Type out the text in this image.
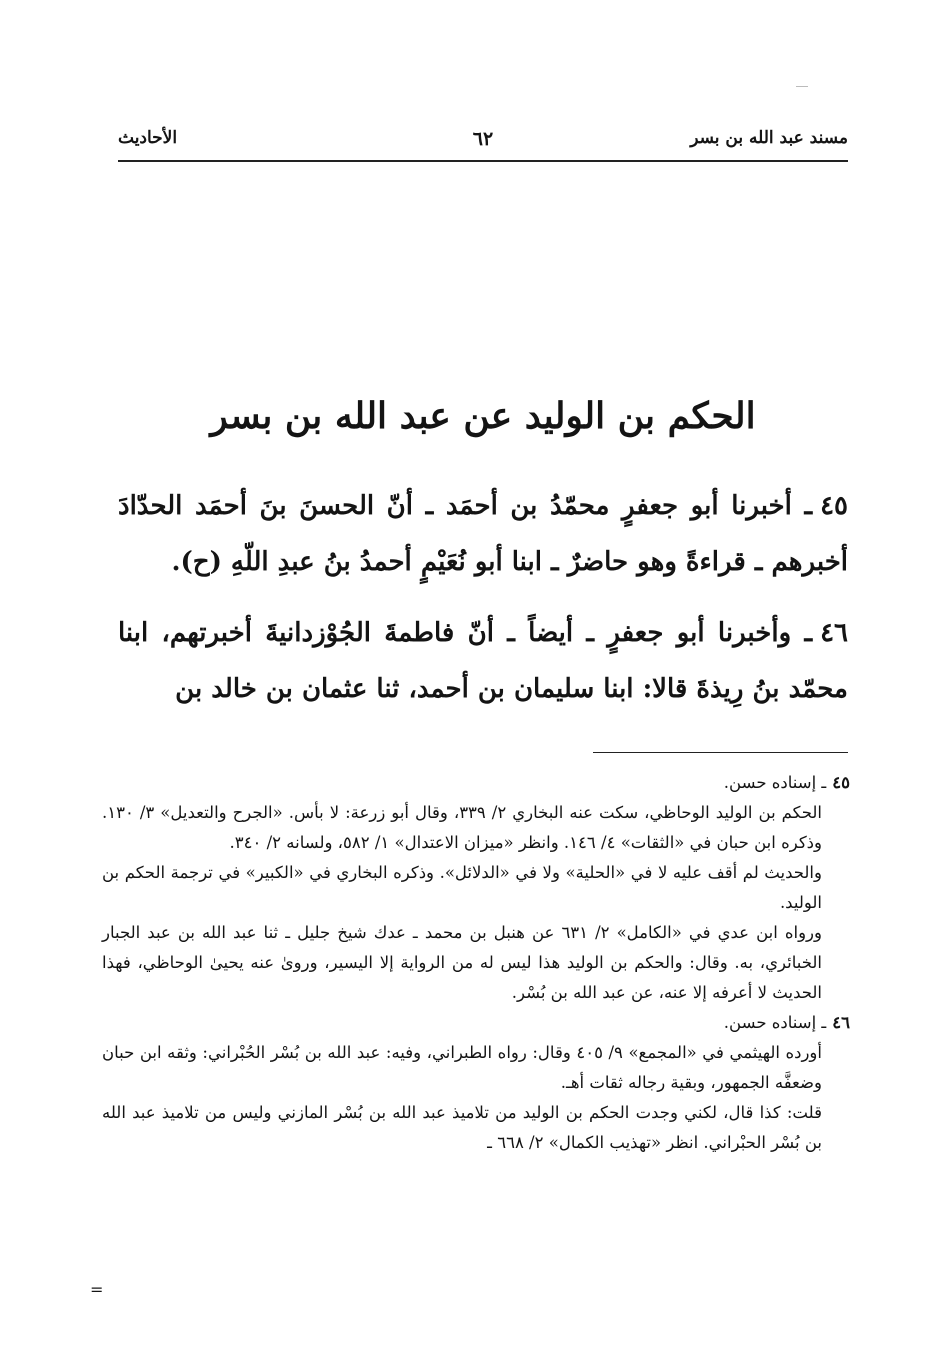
مسند عبد الله بن بسر
٦٢
الأحاديث
الحكم بن الوليد عن عبد الله بن بسر
٤٥ـ أخبرنا أبو جعفرٍ محمّدُ بن أحمَد ـ أنّ الحسنَ بنَ أحمَد الحدّادَ أخبرهم ـ قراءةً وهو حاضرٌ ـ ابنا أبو نُعَيْمٍ أحمدُ بنُ عبدِ اللّهِ (ح).
٤٦ـ وأخبرنا أبو جعفرٍ ـ أيضاً ـ أنّ فاطمةَ الجُوْزدانيةَ أخبرتهم، ابنا محمّد بنُ رِيذةَ قالا: ابنا سليمان بن أحمد، ثنا عثمان بن خالد بن
٤٥ـ إسناده حسن.
الحكم بن الوليد الوحاظي، سكت عنه البخاري ٢/ ٣٣٩، وقال أبو زرعة: لا بأس. «الجرح والتعديل» ٣/ ١٣٠. وذكره ابن حبان في «الثقات» ٤/ ١٤٦. وانظر «ميزان الاعتدال» ١/ ٥٨٢، ولسانه ٢/ ٣٤٠.
والحديث لم أقف عليه لا في «الحلية» ولا في «الدلائل». وذكره البخاري في «الكبير» في ترجمة الحكم بن الوليد.
ورواه ابن عدي في «الكامل» ٢/ ٦٣١ عن هنبل بن محمد ـ عدك شيخ جليل ـ ثنا عبد الله بن عبد الجبار الخبائري، به. وقال: والحكم بن الوليد هذا ليس له من الرواية إلا اليسير، وروىٰ عنه يحيىٰ الوحاظي، فهذا الحديث لا أعرفه إلا عنه، عن عبد الله بن بُسْر.
٤٦ـ إسناده حسن.
أورده الهيثمي في «المجمع» ٩/ ٤٠٥ وقال: رواه الطبراني، وفيه: عبد الله بن بُسْر الحُبْراني: وثقه ابن حبان وضعفَّه الجمهور، وبقية رجاله ثقات أهـ.
قلت: كذا قال، لكني وجدت الحكم بن الوليد من تلاميذ عبد الله بن بُسْر المازني وليس من تلاميذ عبد الله بن بُسْر الحبْراني. انظر «تهذيب الكمال» ٢/ ٦٦٨ ـ
=
